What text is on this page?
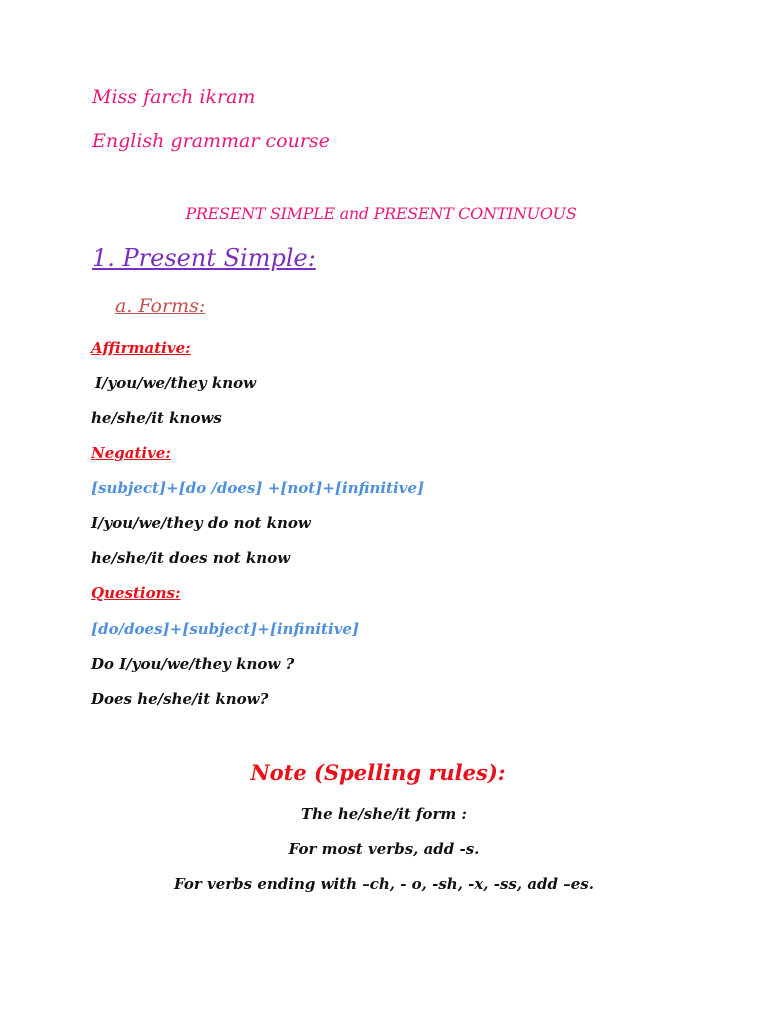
Miss farch ikram

English grammar course

PRESENT SIMPLE and PRESENT CONTINUOUS

1. Present Simple:

a. Forms:

Affirmative:

I/you/we/they know

he/she/it knows

Negative:

[subject]+[do /does] +[not]+[infinitive]

I/you/we/they do not know

he/she/it does not know

Questions:

[do/does]+[subject]+[infinitive]

Do I/you/we/they know ?

Does he/she/it know?

Note (Spelling rules):

The he/she/it form :

For most verbs, add -s.

For verbs ending with –ch, - o, -sh, -x, -ss, add –es.
